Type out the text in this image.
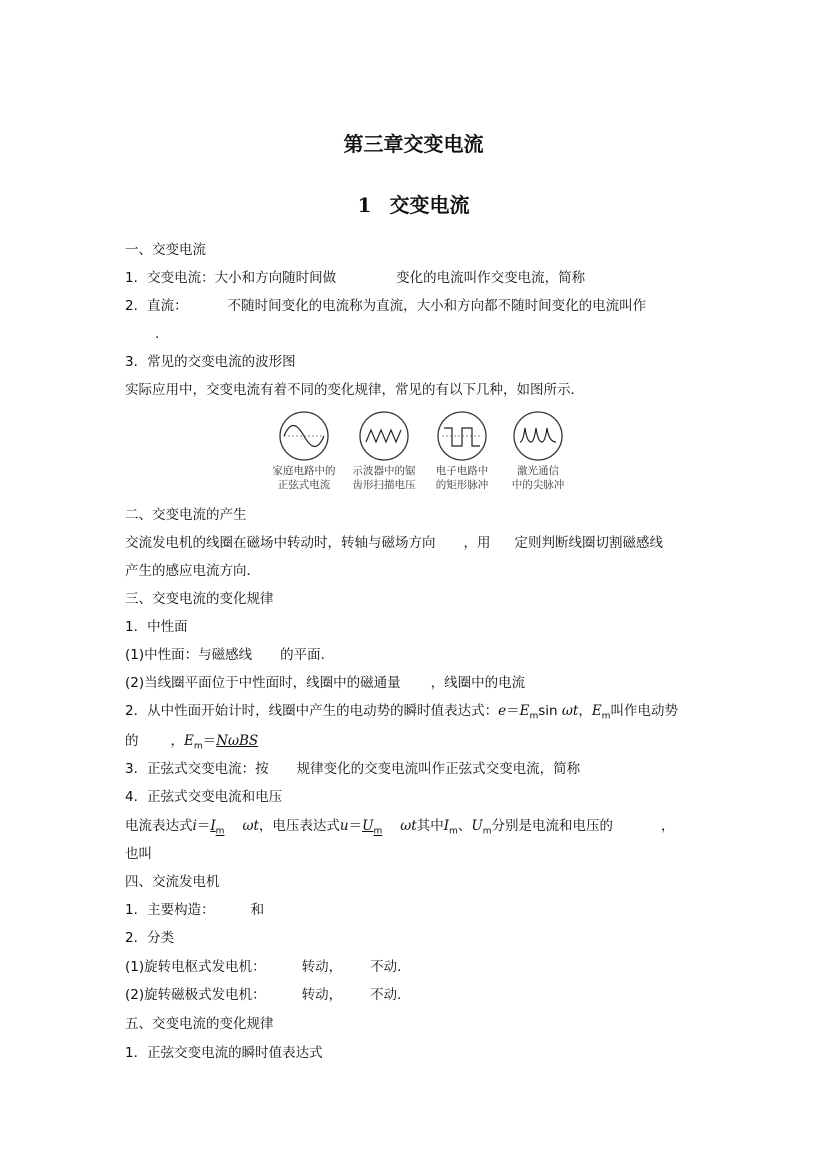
第三章交变电流
1 交变电流
一、交变电流
1．交变电流：大小和方向随时间做	变化的电流叫作交变电流，简称
2．直流：	不随时间变化的电流称为直流，大小和方向都不随时间变化的电流叫作
.
3．常见的交变电流的波形图
实际应用中，交变电流有着不同的变化规律，常见的有以下几种，如图所示．
家庭电路中的
正弦式电流
示波器中的锯
齿形扫描电压
电子电路中
的矩形脉冲
激光通信
中的尖脉冲
二、交变电流的产生
交流发电机的线圈在磁场中转动时，转轴与磁场方向 ，用 定则判断线圈切割磁感线
产生的感应电流方向．
三、交变电流的变化规律
1．中性面
(1)中性面：与磁感线 的平面．
(2)当线圈平面位于中性面时，线圈中的磁通量 ，线圈中的电流
2．从中性面开始计时，线圈中产生的电动势的瞬时值表达式：$e=E_m\sin$ ωt，$E_m$叫作电动势
的 ，$E_m=N\omega BS$
3．正弦式交变电流：按 规律变化的交变电流叫作正弦式交变电流，简称
4．正弦式交变电流和电压
电流表达式$i=I_m$ ωt，电压表达式$u=U_m$ ωt其中$I_m$、$U_m$分别是电流和电压的	，
也叫
四、交流发电机
1．主要构造：	和
2．分类
(1)旋转电枢式发电机：	转动， 不动．
(2)旋转磁极式发电机：	转动， 不动．
五、交变电流的变化规律
1．正弦交变电流的瞬时值表达式
